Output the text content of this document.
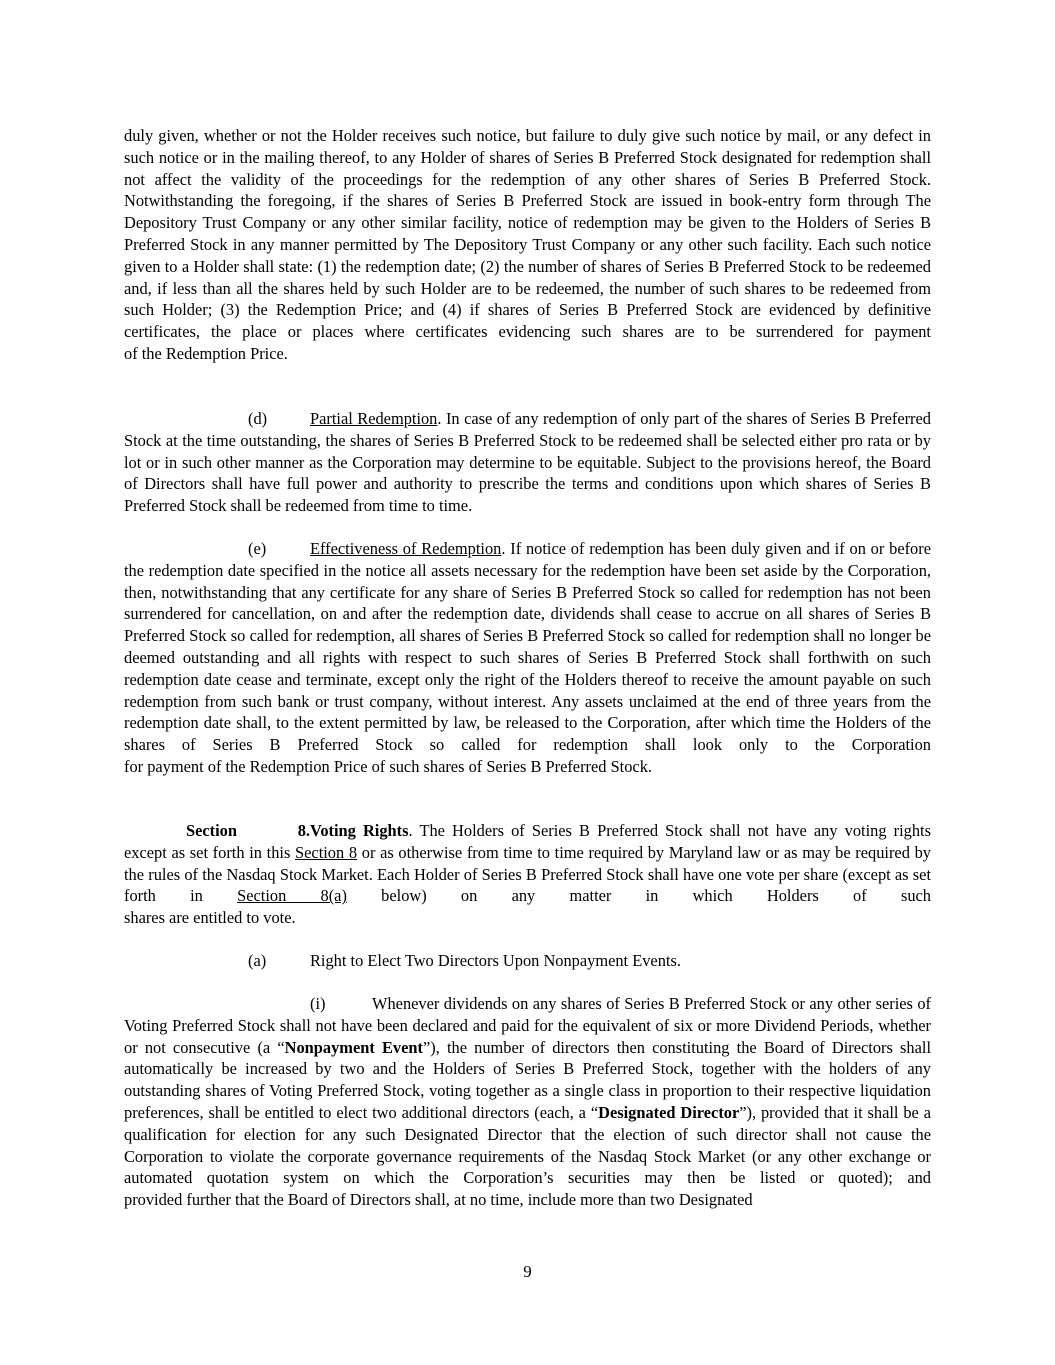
duly given, whether or not the Holder receives such notice, but failure to duly give such notice by mail, or any defect in such notice or in the mailing thereof, to any Holder of shares of Series B Preferred Stock designated for redemption shall not affect the validity of the proceedings for the redemption of any other shares of Series B Preferred Stock. Notwithstanding the foregoing, if the shares of Series B Preferred Stock are issued in book-entry form through The Depository Trust Company or any other similar facility, notice of redemption may be given to the Holders of Series B Preferred Stock in any manner permitted by The Depository Trust Company or any other such facility. Each such notice given to a Holder shall state: (1) the redemption date; (2) the number of shares of Series B Preferred Stock to be redeemed and, if less than all the shares held by such Holder are to be redeemed, the number of such shares to be redeemed from such Holder; (3) the Redemption Price; and (4) if shares of Series B Preferred Stock are evidenced by definitive certificates, the place or places where certificates evidencing such shares are to be surrendered for payment
of the Redemption Price.
(d)	Partial Redemption. In case of any redemption of only part of the shares of Series B Preferred Stock at the time outstanding, the shares of Series B Preferred Stock to be redeemed shall be selected either pro rata or by lot or in such other manner as the Corporation may determine to be equitable. Subject to the provisions hereof, the Board of Directors shall have full power and authority to prescribe the terms and conditions upon which shares of Series B Preferred Stock shall be redeemed from time to time.
(e)	Effectiveness of Redemption. If notice of redemption has been duly given and if on or before the redemption date specified in the notice all assets necessary for the redemption have been set aside by the Corporation, then, notwithstanding that any certificate for any share of Series B Preferred Stock so called for redemption has not been surrendered for cancellation, on and after the redemption date, dividends shall cease to accrue on all shares of Series B Preferred Stock so called for redemption, all shares of Series B Preferred Stock so called for redemption shall no longer be deemed outstanding and all rights with respect to such shares of Series B Preferred Stock shall forthwith on such redemption date cease and terminate, except only the right of the Holders thereof to receive the amount payable on such redemption from such bank or trust company, without interest. Any assets unclaimed at the end of three years from the redemption date shall, to the extent permitted by law, be released to the Corporation, after which time the Holders of the shares of Series B Preferred Stock so called for redemption shall look only to the Corporation
for payment of the Redemption Price of such shares of Series B Preferred Stock.
Section 8.Voting Rights. The Holders of Series B Preferred Stock shall not have any voting rights except as set forth in this Section 8 or as otherwise from time to time required by Maryland law or as may be required by the rules of the Nasdaq Stock Market. Each Holder of Series B Preferred Stock shall have one vote per share (except as set forth in Section 8(a) below) on any matter in which Holders of such
shares are entitled to vote.
(a)	Right to Elect Two Directors Upon Nonpayment Events.
(i)	Whenever dividends on any shares of Series B Preferred Stock or any other series of Voting Preferred Stock shall not have been declared and paid for the equivalent of six or more Dividend Periods, whether or not consecutive (a “Nonpayment Event”), the number of directors then constituting the Board of Directors shall automatically be increased by two and the Holders of Series B Preferred Stock, together with the holders of any outstanding shares of Voting Preferred Stock, voting together as a single class in proportion to their respective liquidation preferences, shall be entitled to elect two additional directors (each, a “Designated Director”), provided that it shall be a qualification for election for any such Designated Director that the election of such director shall not cause the Corporation to violate the corporate governance requirements of the Nasdaq Stock Market (or any other exchange or automated quotation system on which the Corporation’s securities may then be listed or quoted); and
provided further that the Board of Directors shall, at no time, include more than two Designated
9
